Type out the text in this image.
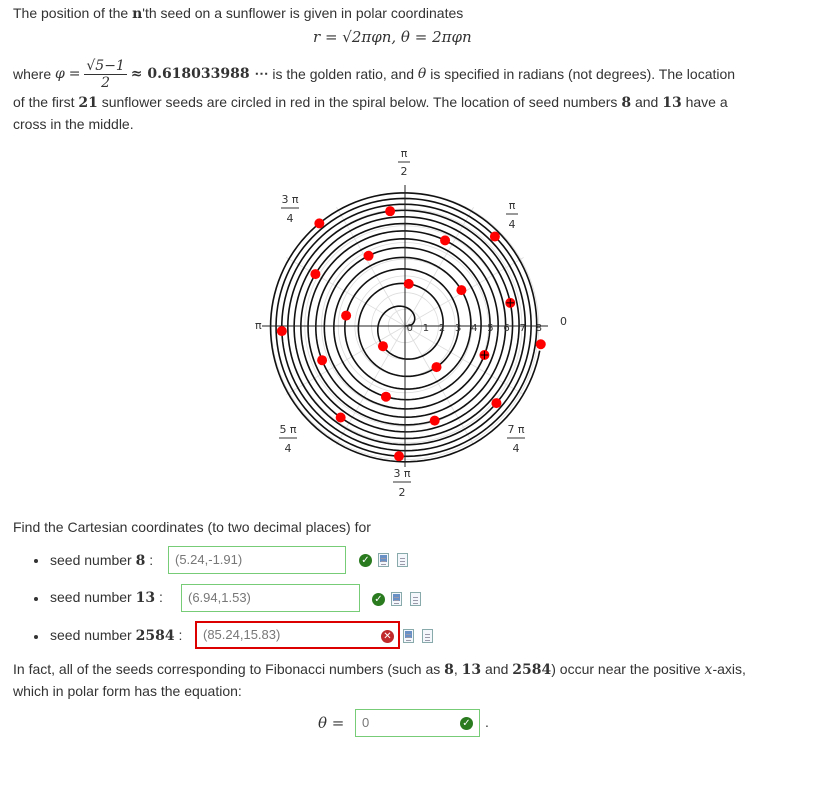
The position of the n'th seed on a sunflower is given in polar coordinates
r = √2πφn, θ = 2πφn
where
φ
=
$\frac{√5-1}{2}$
≈ 0.618033988 ⋯
is the golden ratio, and
θ
is specified in radians (not degrees). The location
of the first 21 sunflower seeds are circled in red in the spiral below. The location of seed numbers 8 and 13 have a
cross in the middle.
0 1 2 3 4 5 6 7 8
π
2
3 π
4
π
4
π	0
5 π
4
7 π
4
3 π
2
Find the Cartesian coordinates (to two decimal places) for
seed number 8 :	(5.24,-1.91)	✓
seed number 13 :	(6.94,1.53)	✓
seed number 2584 :	(85.24,15.83)	✕
In fact, all of the seeds corresponding to Fibonacci numbers (such as 8, 13 and 2584) occur near the positive x-axis,
which in polar form has the equation:
θ =	0	✓ .
